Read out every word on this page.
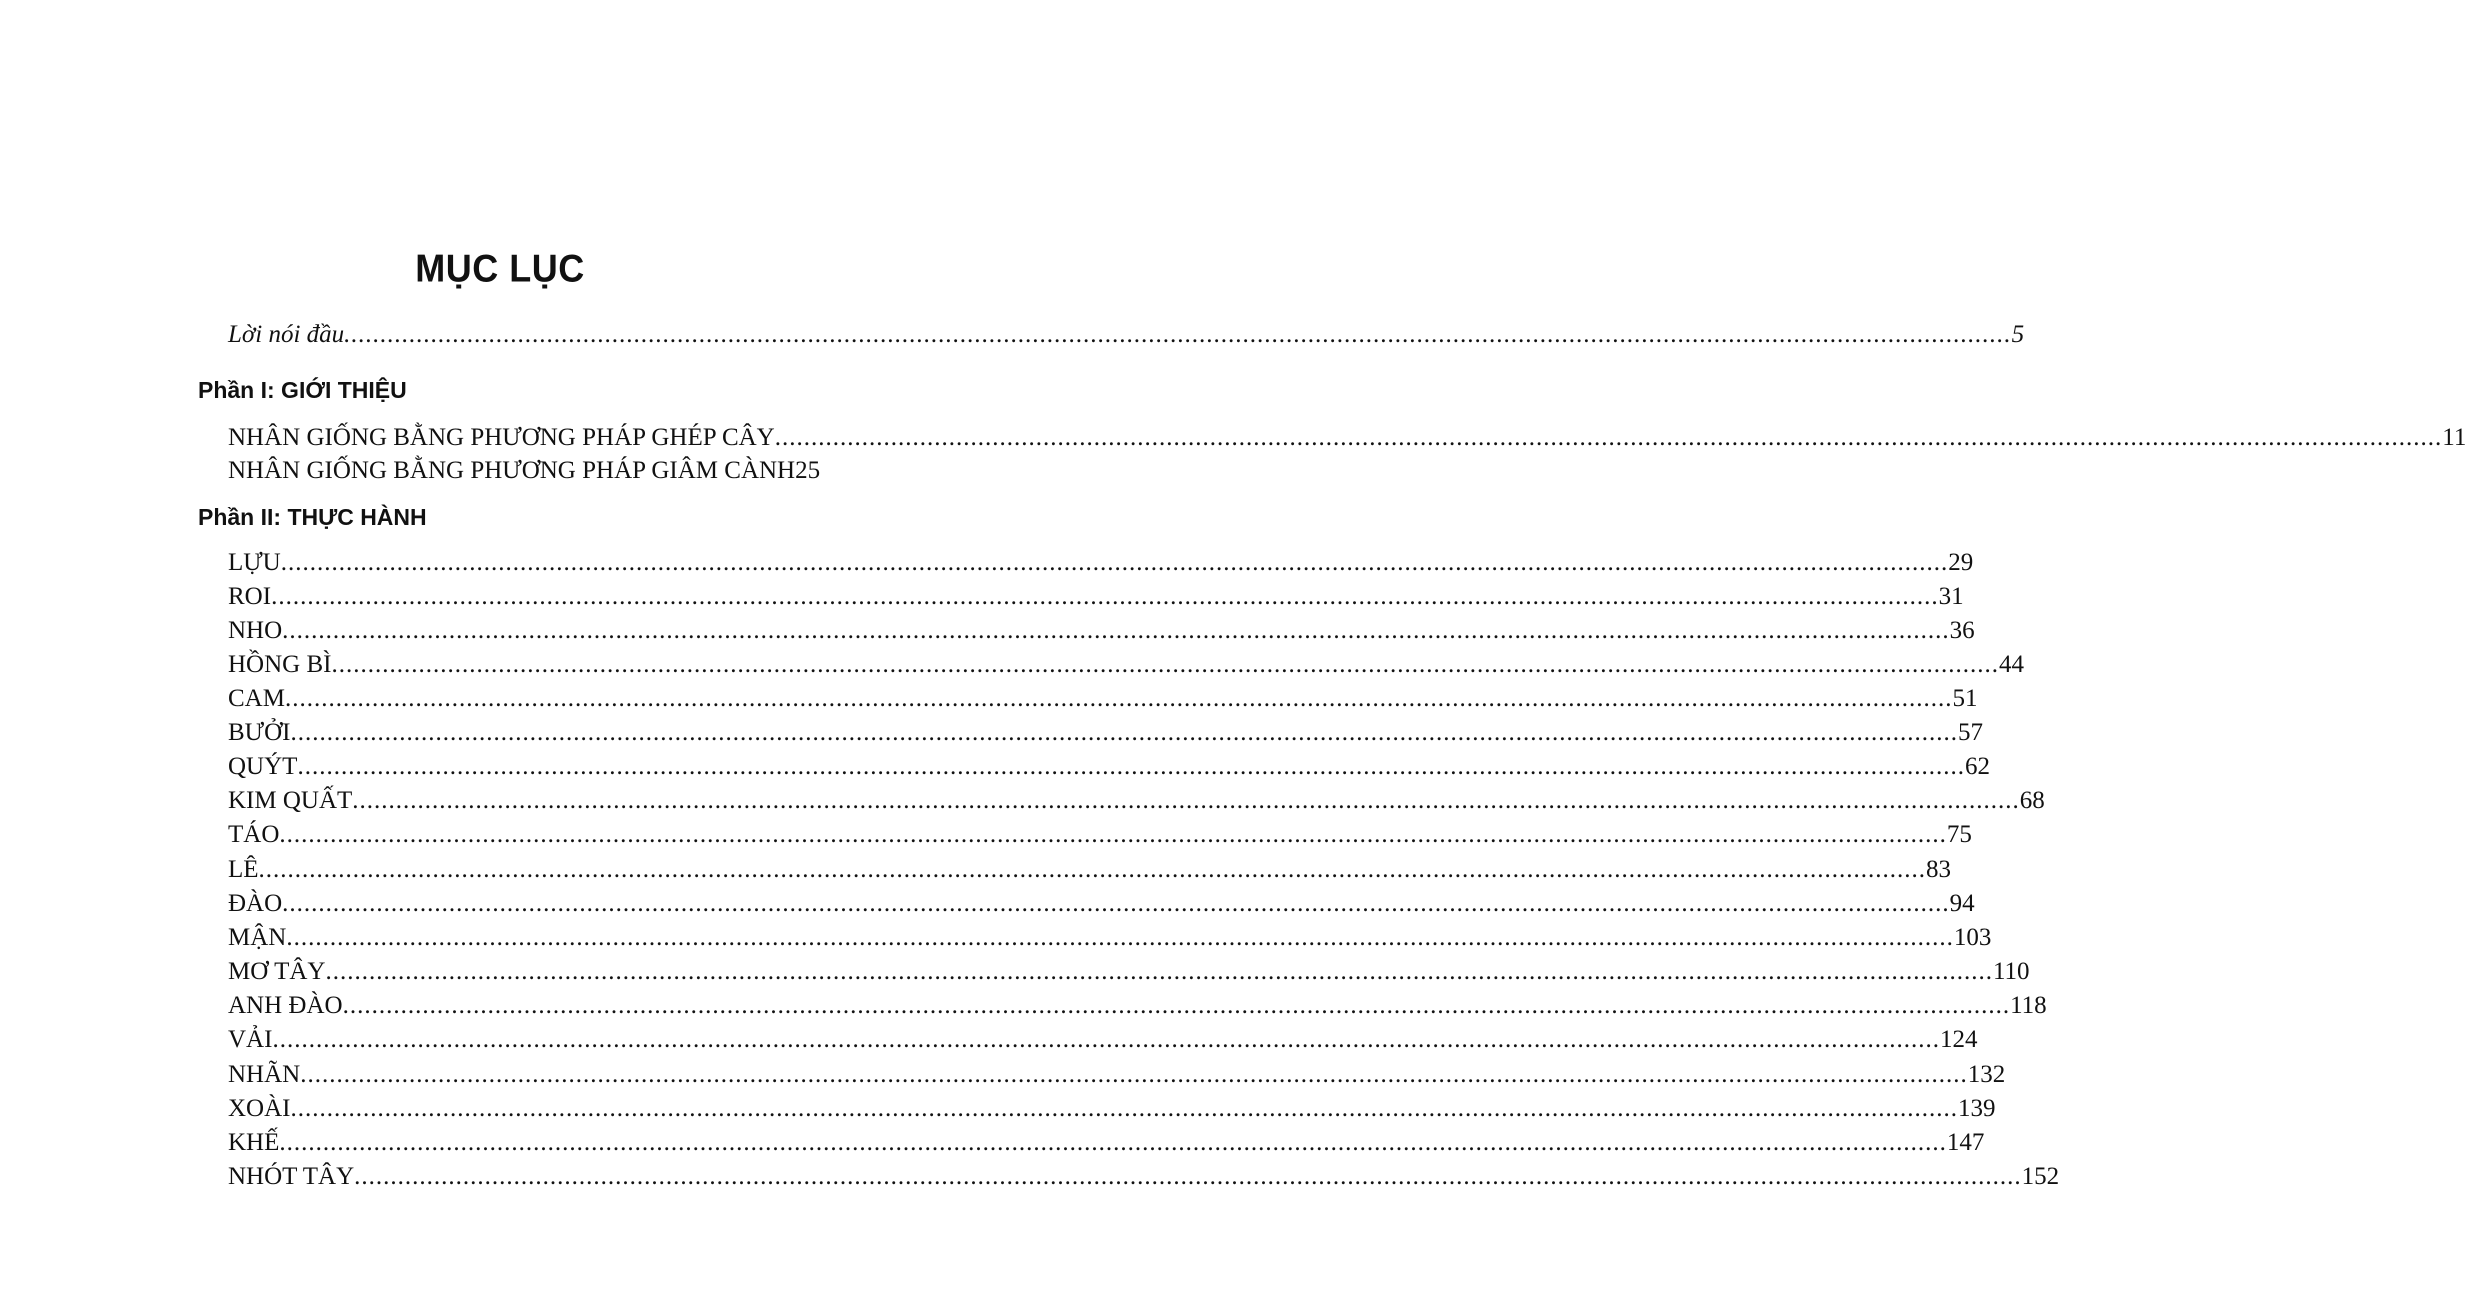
MỤC LỤC
Lời nói đầu .....	5
Phần I: GIỚI THIỆU
NHÂN GIỐNG BẰNG PHƯƠNG PHÁP GHÉP CÂY .....	11
NHÂN GIỐNG BẰNG PHƯƠNG PHÁP GIÂM CÀNH 25
Phần II: THỰC HÀNH
LỰU .....	29
ROI .....	31
NHO .....	36
HỒNG BÌ .....	44
CAM .....	51
BƯỞI .....	57
QUÝT .....	62
KIM QUẤT .....	68
TÁO .....	75
LÊ .....	83
ĐÀO .....	94
MẬN .....	103
MƠ TÂY .....	110
ANH ĐÀO .....	118
VẢI .....	124
NHÃN .....	132
XOÀI .....	139
KHẾ .....	147
NHÓT TÂY .....	152
